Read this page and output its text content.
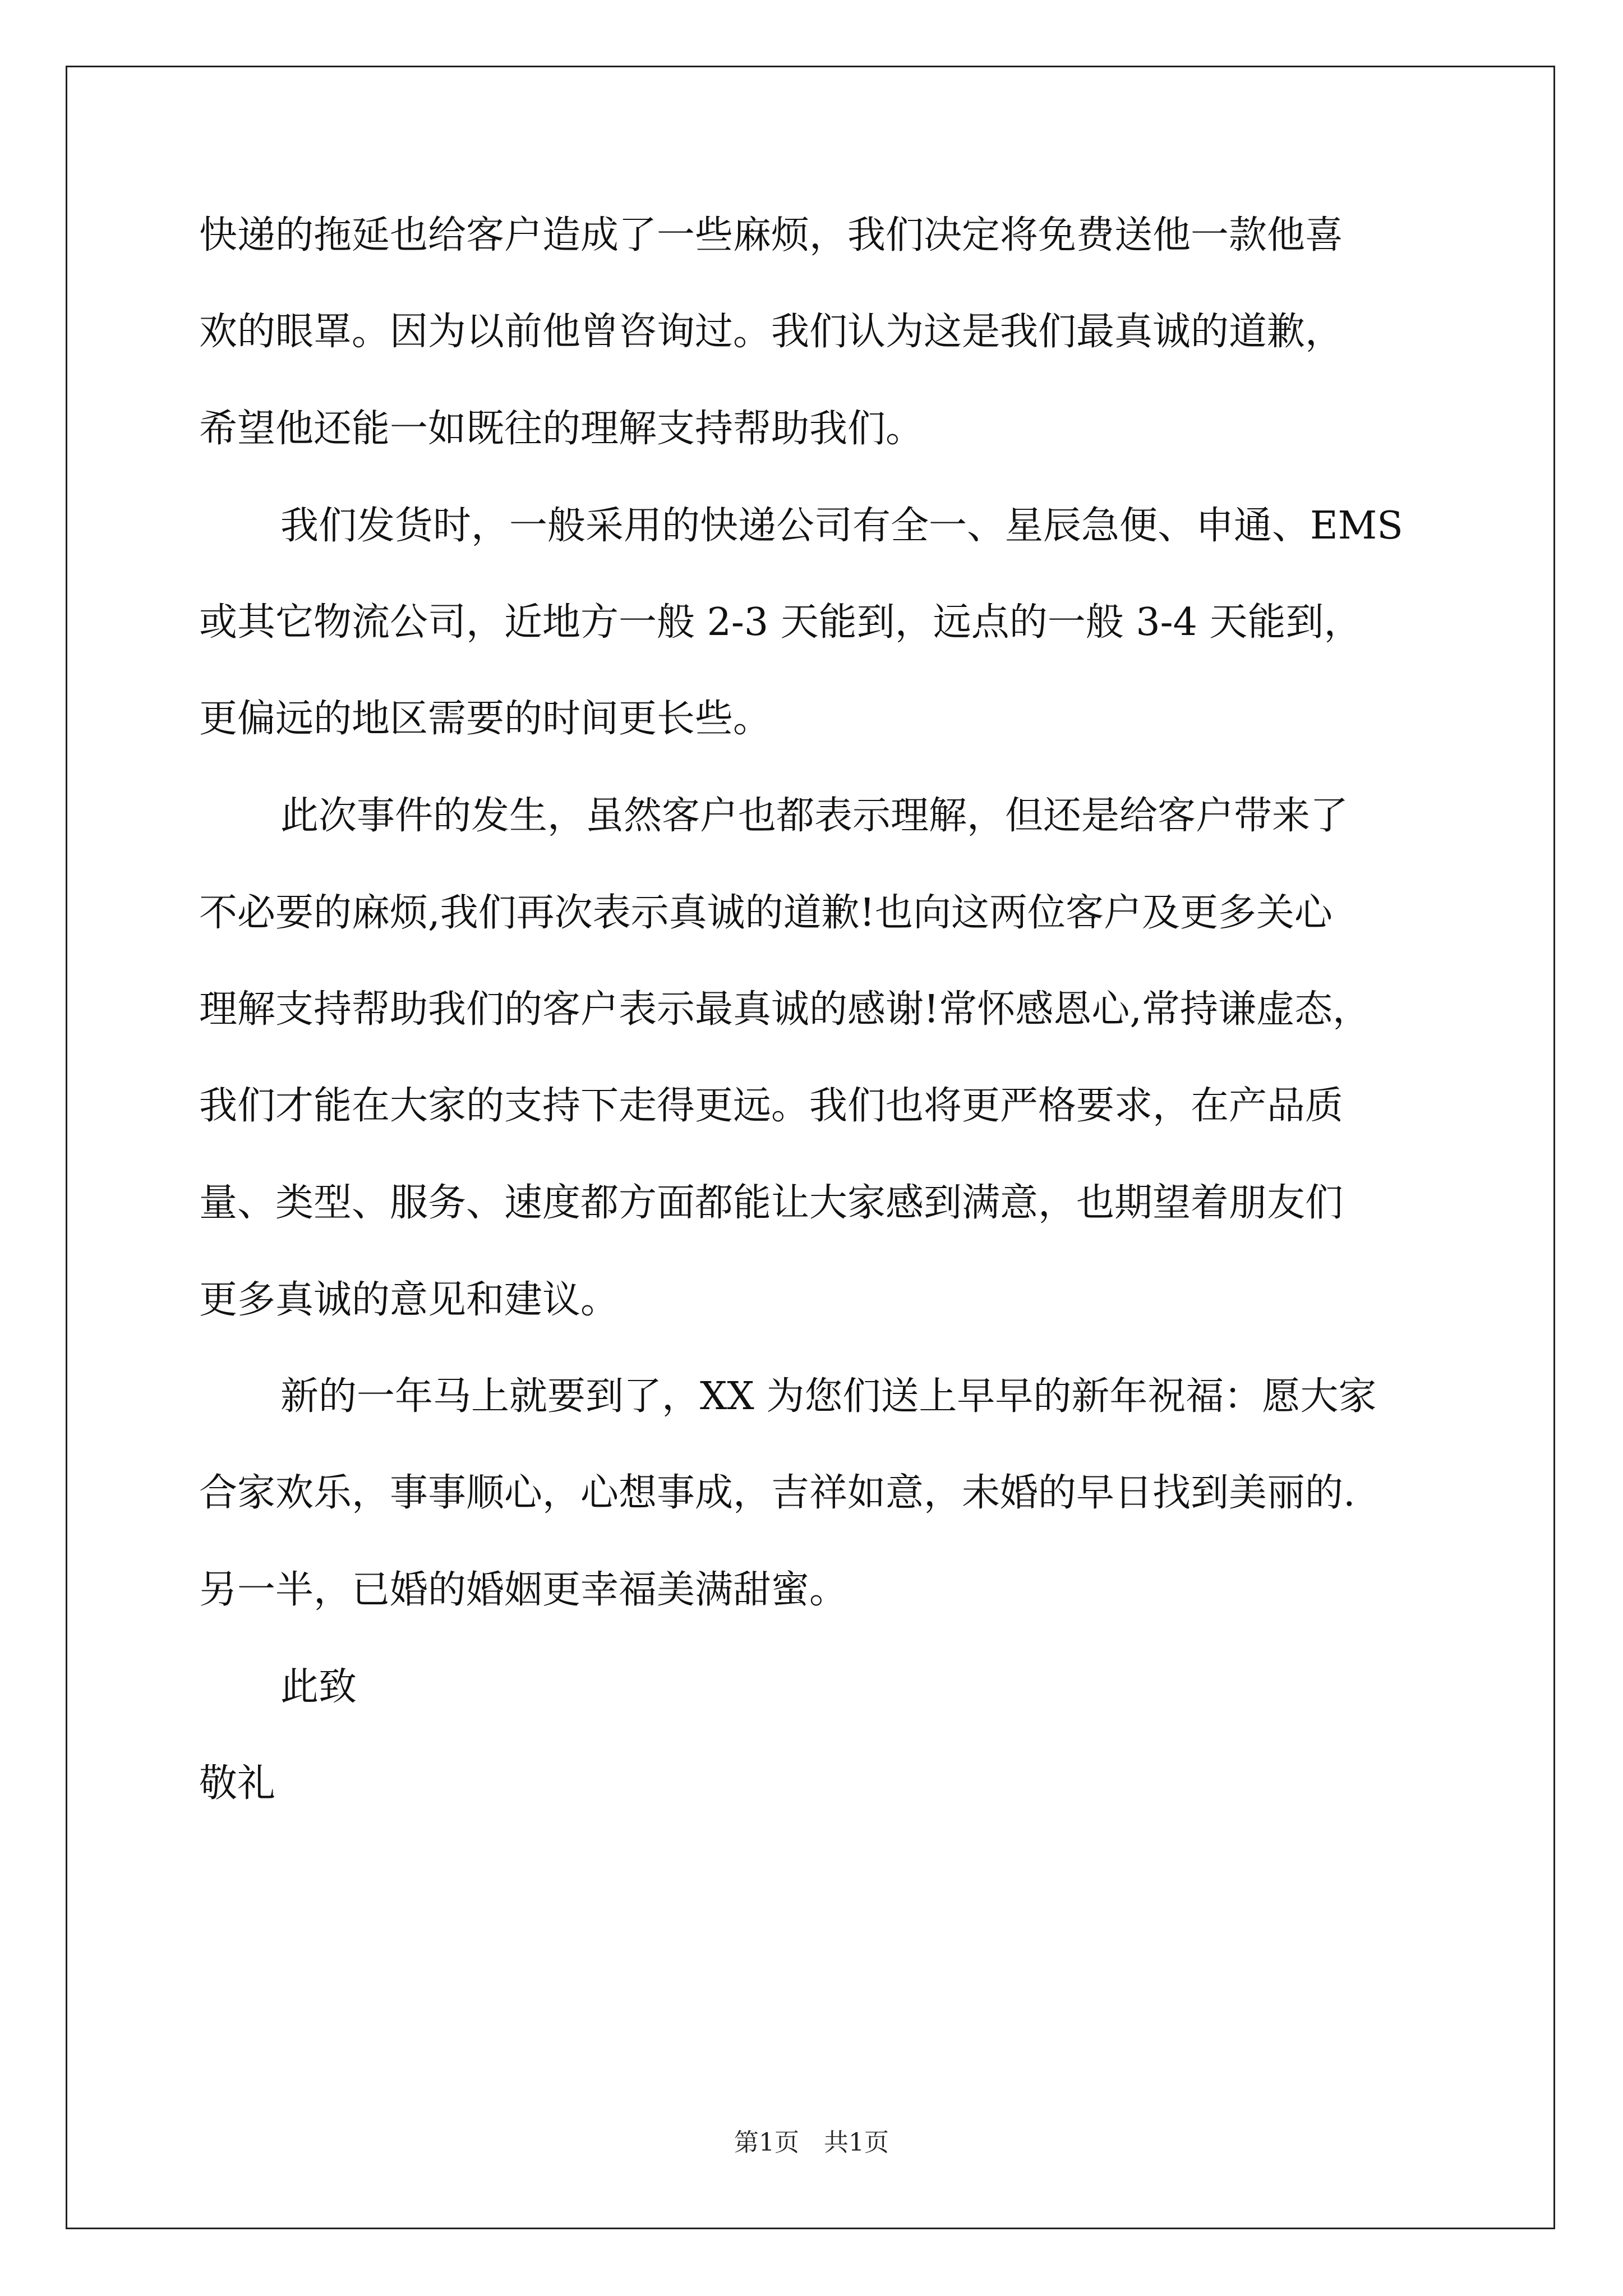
快递的拖延也给客户造成了一些麻烦，我们决定将免费送他一款他喜
欢的眼罩。因为以前他曾咨询过。我们认为这是我们最真诚的道歉，
希望他还能一如既往的理解支持帮助我们。
我们发货时，一般采用的快递公司有全一、星辰急便、申通、EMS
或其它物流公司，近地方一般 2-3 天能到，远点的一般 3-4 天能到，
更偏远的地区需要的时间更长些。
此次事件的发生，虽然客户也都表示理解，但还是给客户带来了
不必要的麻烦,我们再次表示真诚的道歉!也向这两位客户及更多关心
理解支持帮助我们的客户表示最真诚的感谢!常怀感恩心,常持谦虚态，
我们才能在大家的支持下走得更远。我们也将更严格要求，在产品质
量、类型、服务、速度都方面都能让大家感到满意，也期望着朋友们
更多真诚的意见和建议。
新的一年马上就要到了，XX 为您们送上早早的新年祝福：愿大家
合家欢乐，事事顺心，心想事成，吉祥如意，未婚的早日找到美丽的.
另一半，已婚的婚姻更幸福美满甜蜜。
此致
敬礼
第1页　共1页
